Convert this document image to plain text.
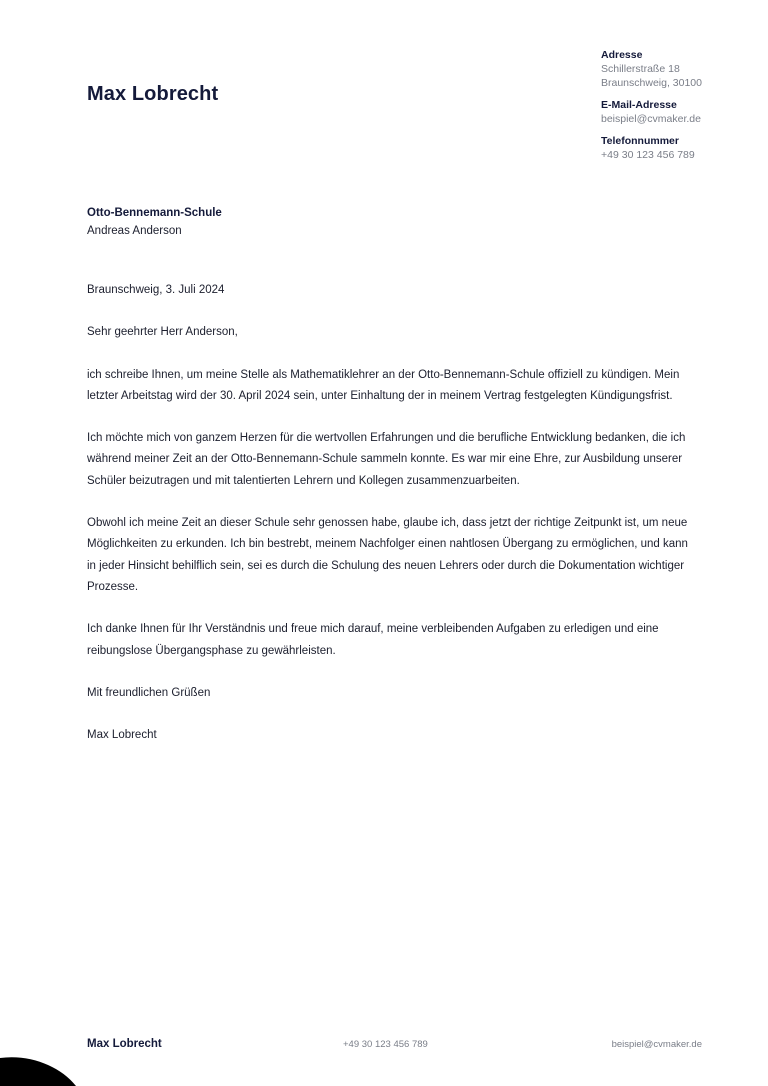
Max Lobrecht
Adresse
Schillerstraße 18
Braunschweig, 30100
E-Mail-Adresse
beispiel@cvmaker.de
Telefonnummer
+49 30 123 456 789
Otto-Bennemann-Schule
Andreas Anderson

Braunschweig, 3. Juli 2024

Sehr geehrter Herr Anderson,

ich schreibe Ihnen, um meine Stelle als Mathematiklehrer an der Otto-Bennemann-Schule offiziell zu kündigen. Mein letzter Arbeitstag wird der 30. April 2024 sein, unter Einhaltung der in meinem Vertrag festgelegten Kündigungsfrist.

Ich möchte mich von ganzem Herzen für die wertvollen Erfahrungen und die berufliche Entwicklung bedanken, die ich während meiner Zeit an der Otto-Bennemann-Schule sammeln konnte. Es war mir eine Ehre, zur Ausbildung unserer Schüler beizutragen und mit talentierten Lehrern und Kollegen zusammenzuarbeiten.

Obwohl ich meine Zeit an dieser Schule sehr genossen habe, glaube ich, dass jetzt der richtige Zeitpunkt ist, um neue Möglichkeiten zu erkunden. Ich bin bestrebt, meinem Nachfolger einen nahtlosen Übergang zu ermöglichen, und kann in jeder Hinsicht behilflich sein, sei es durch die Schulung des neuen Lehrers oder durch die Dokumentation wichtiger Prozesse.

Ich danke Ihnen für Ihr Verständnis und freue mich darauf, meine verbleibenden Aufgaben zu erledigen und eine reibungslose Übergangsphase zu gewährleisten.

Mit freundlichen Grüßen

Max Lobrecht

Max Lobrecht	+49 30 123 456 789	beispiel@cvmaker.de
